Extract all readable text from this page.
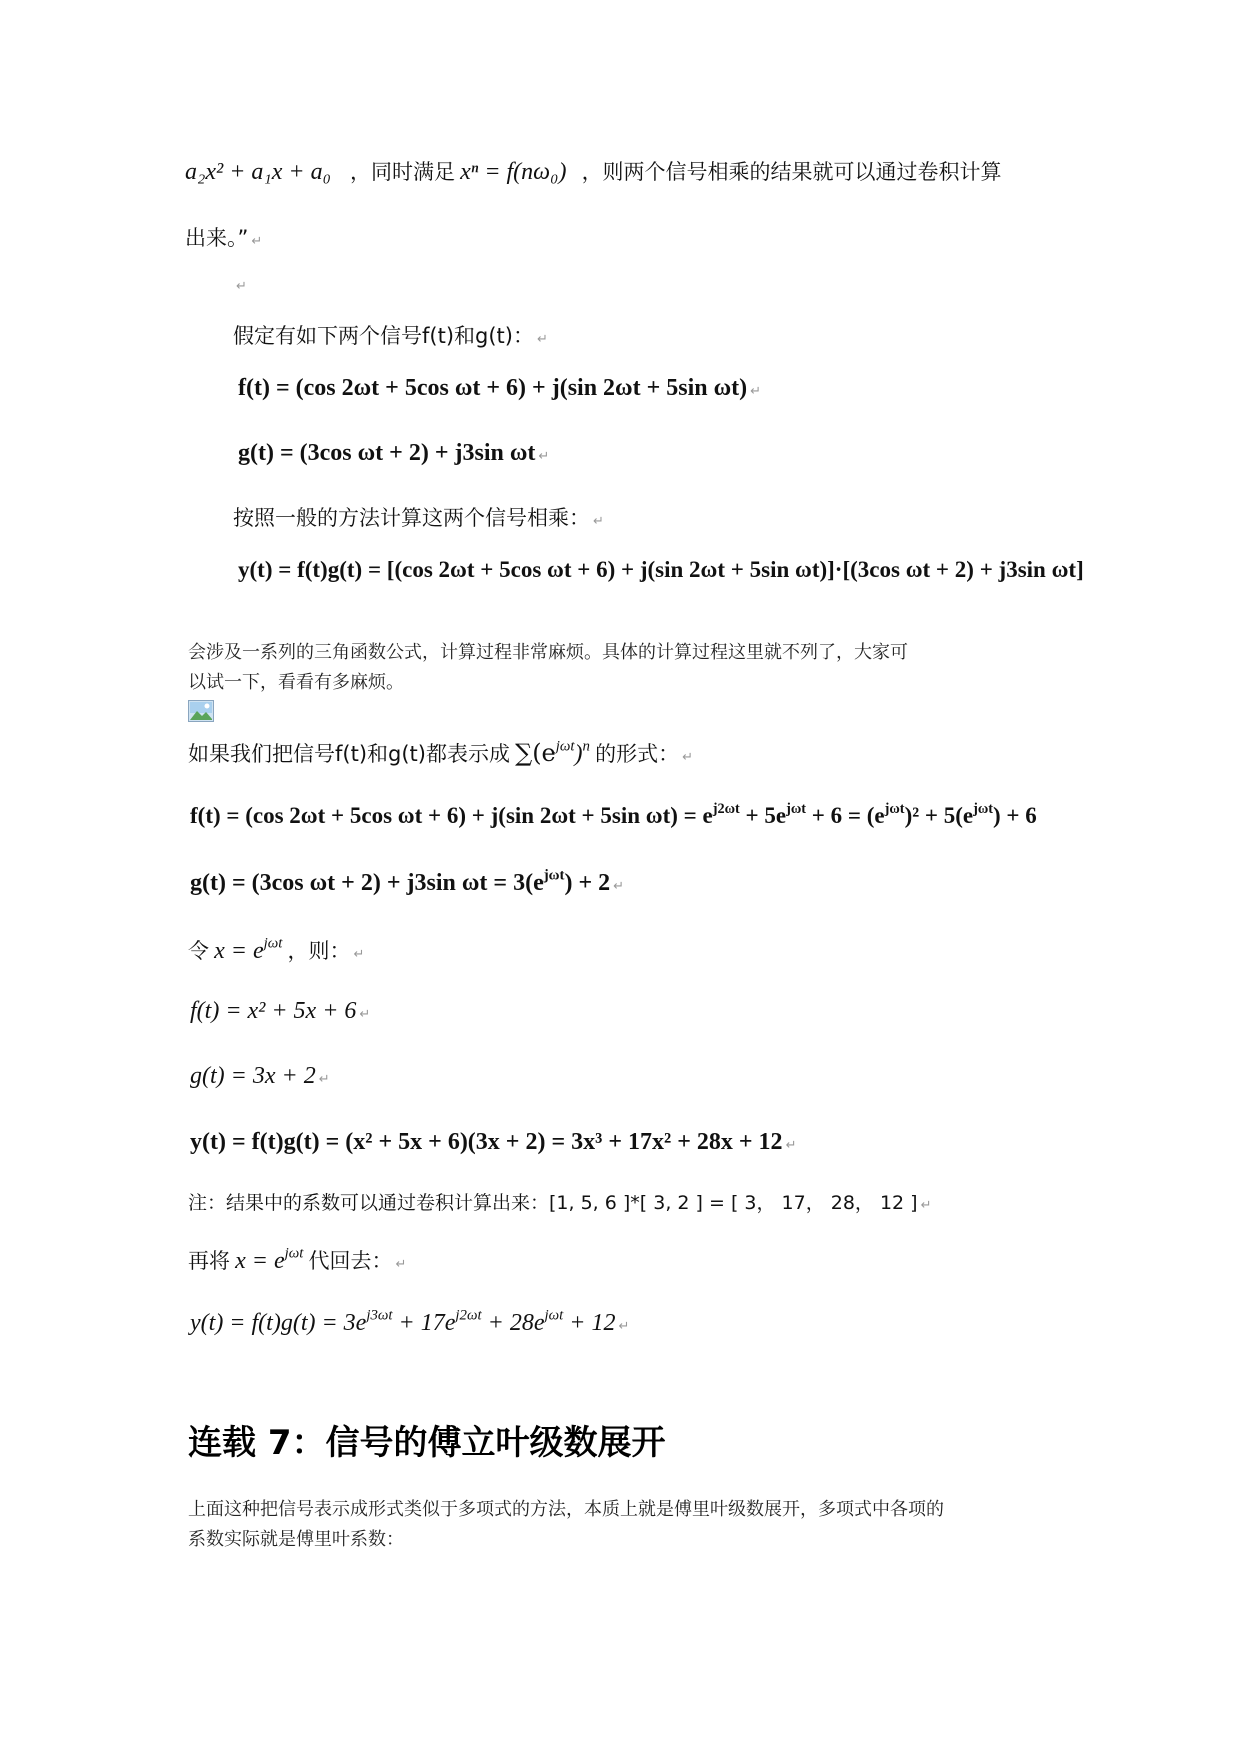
a₂x² + a₁x + a₀ ，同时满足 xⁿ = f(nω₀) ，则两个信号相乘的结果就可以通过卷积计算
出来。” ↵
↵
假定有如下两个信号f(t)和g(t)： ↵
f(t) = (cos 2ωt + 5cos ωt + 6) + j(sin 2ωt + 5sin ωt) ↵
g(t) = (3cos ωt + 2) + j3sin ωt ↵
按照一般的方法计算这两个信号相乘： ↵
y(t) = f(t)g(t) = [(cos 2ωt + 5cos ωt + 6) + j(sin 2ωt + 5sin ωt)]·[(3cos ωt + 2) + j3sin ωt]
会涉及一系列的三角函数公式，计算过程非常麻烦。具体的计算过程这里就不列了，大家可
以试一下，看看有多麻烦。
如果我们把信号f(t)和g(t)都表示成 $\sum(e^{j\omega t})^n$ 的形式： ↵
f(t) = (cos 2ωt + 5cos ωt + 6) + j(sin 2ωt + 5sin $\omega t) = e^{j2\omega t} + 5e^{j\omega t} + 6 = (e^{j\omega t})^2 + 5(e^{j\omega t}) + 6$
g(t) = (3cos ωt + 2) + j3sin $\omega t = 3(e^{j\omega t}) + 2$ ↵
令 $x = e^{j\omega t}$ ，则： ↵
f(t) = x² + 5x + 6 ↵
g(t) = 3x + 2 ↵
y(t) = f(t)g(t) = (x² + 5x + 6)(3x + 2) = 3x³ + 17x² + 28x + 12 ↵
注：结果中的系数可以通过卷积计算出来：[1, 5, 6 ]*[ 3, 2 ] = [ 3， 17， 28， 12 ] ↵
再将 $x = e^{j\omega t}$ 代回去： ↵
$y(t) = f(t)g(t) = 3e^{j3\omega t} + 17e^{j2\omega t} + 28e^{j\omega t} + 12$ ↵
连载 7：信号的傅立叶级数展开
上面这种把信号表示成形式类似于多项式的方法，本质上就是傅里叶级数展开，多项式中各项的
系数实际就是傅里叶系数：
